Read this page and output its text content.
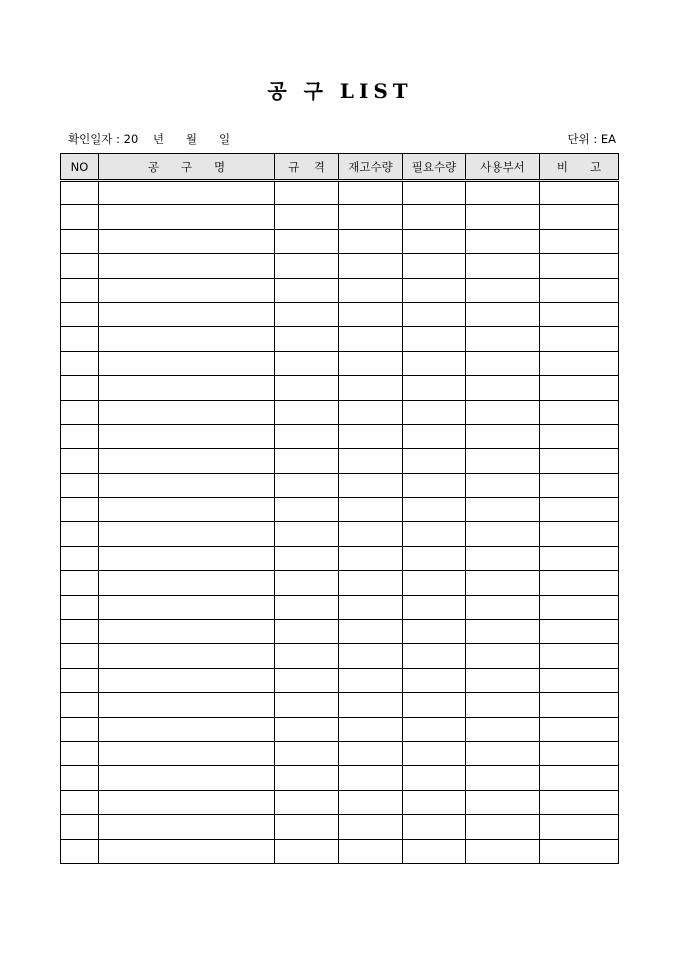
공 구 LIST
확인일자 : 20    년      월      일	단위 : EA
NO	공      구      명	규    격	재고수량	필요수량	사용부서	비      고
